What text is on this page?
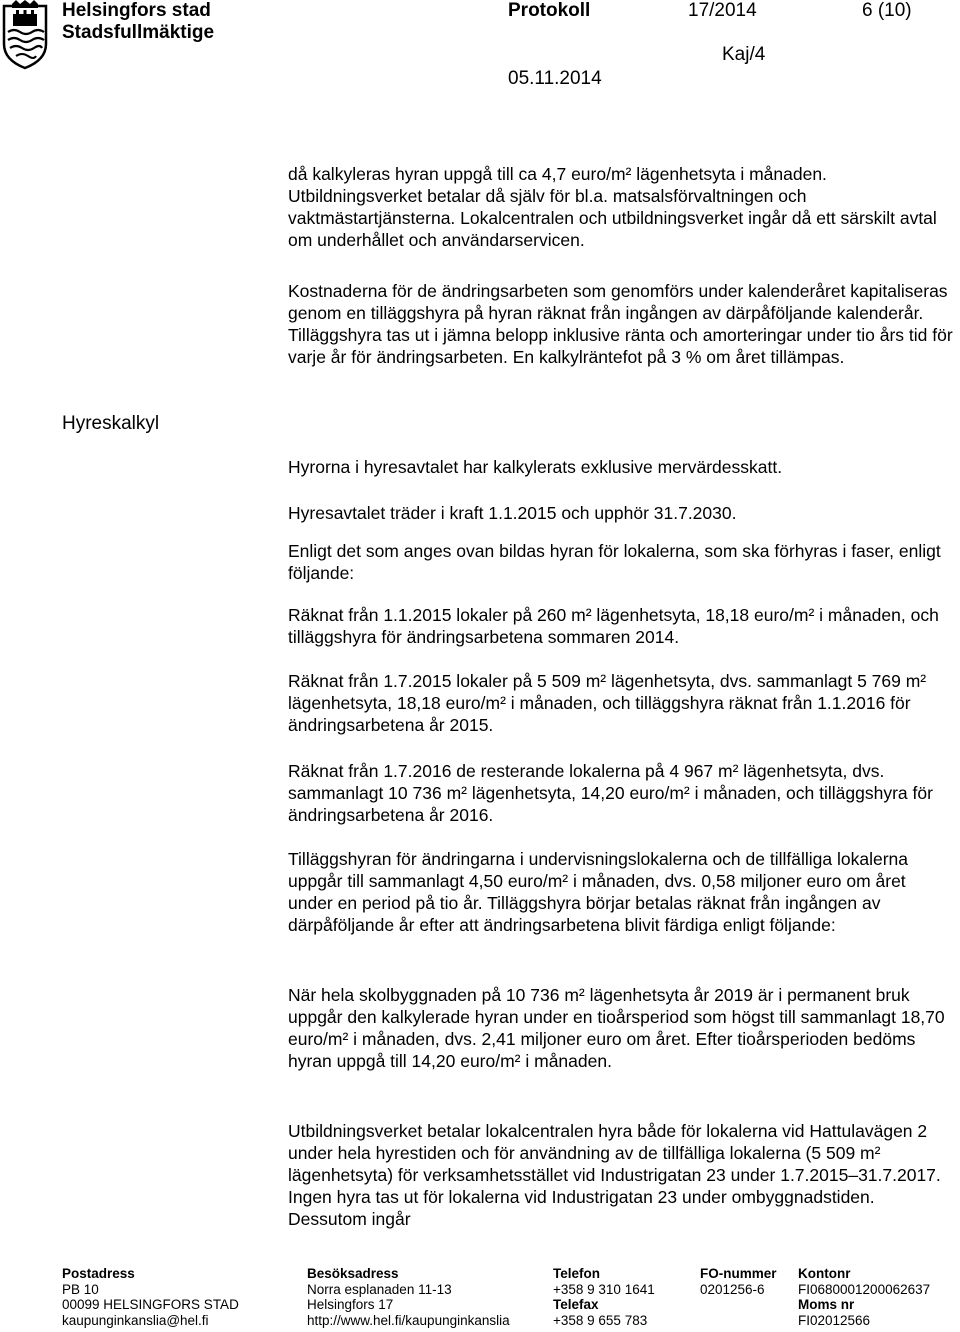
Helsingfors stad
Stadsfullmäktige
Protokoll	17/2014	6 (10)
Kaj/4
05.11.2014
Hyreskalkyl

då kalkyleras hyran uppgå till ca 4,7 euro/m² lägenhetsyta i månaden. Utbildningsverket betalar då själv för bl.a. matsalsförvaltningen och vaktmästartjänsterna. Lokalcentralen och utbildningsverket ingår då ett särskilt avtal om underhållet och användarservicen.

Kostnaderna för de ändringsarbeten som genomförs under kalenderåret kapitaliseras genom en tilläggshyra på hyran räknat från ingången av därpåföljande kalenderår. Tilläggshyra tas ut i jämna belopp inklusive ränta och amorteringar under tio års tid för varje år för ändringsarbeten. En kalkylräntefot på 3 % om året tillämpas.

Hyrorna i hyresavtalet har kalkylerats exklusive mervärdesskatt.

Hyresavtalet träder i kraft 1.1.2015 och upphör 31.7.2030.

Enligt det som anges ovan bildas hyran för lokalerna, som ska förhyras i faser, enligt följande:

Räknat från 1.1.2015 lokaler på 260 m² lägenhetsyta, 18,18 euro/m² i månaden, och tilläggshyra för ändringsarbetena sommaren 2014.

Räknat från 1.7.2015 lokaler på 5 509 m² lägenhetsyta, dvs. sammanlagt 5 769 m² lägenhetsyta, 18,18 euro/m² i månaden, och tilläggshyra räknat från 1.1.2016 för ändringsarbetena år 2015.

Räknat från 1.7.2016 de resterande lokalerna på 4 967 m² lägenhetsyta, dvs. sammanlagt 10 736 m² lägenhetsyta, 14,20 euro/m² i månaden, och tilläggshyra för ändringsarbetena år 2016.

Tilläggshyran för ändringarna i undervisningslokalerna och de tillfälliga lokalerna uppgår till sammanlagt 4,50 euro/m² i månaden, dvs. 0,58 miljoner euro om året under en period på tio år. Tilläggshyra börjar betalas räknat från ingången av därpåföljande år efter att ändringsarbetena blivit färdiga enligt följande:

När hela skolbyggnaden på 10 736 m² lägenhetsyta år 2019 är i permanent bruk uppgår den kalkylerade hyran under en tioårsperiod som högst till sammanlagt 18,70 euro/m² i månaden, dvs. 2,41 miljoner euro om året. Efter tioårsperioden bedöms hyran uppgå till 14,20 euro/m² i månaden.

Utbildningsverket betalar lokalcentralen hyra både för lokalerna vid Hattulavägen 2 under hela hyrestiden och för användning av de tillfälliga lokalerna (5 509 m² lägenhetsyta) för verksamhetsstället vid Industrigatan 23 under 1.7.2015–31.7.2017. Ingen hyra tas ut för lokalerna vid Industrigatan 23 under ombyggnadstiden. Dessutom ingår

Postadress
PB 10
00099 HELSINGFORS STAD
kaupunginkanslia@hel.fi
Besöksadress
Norra esplanaden 11-13
Helsingfors 17
http://www.hel.fi/kaupunginkanslia
Telefon
+358 9 310 1641
Telefax
+358 9 655 783
FO-nummer
0201256-6
Kontonr
FI0680001200062637
Moms nr
FI02012566
